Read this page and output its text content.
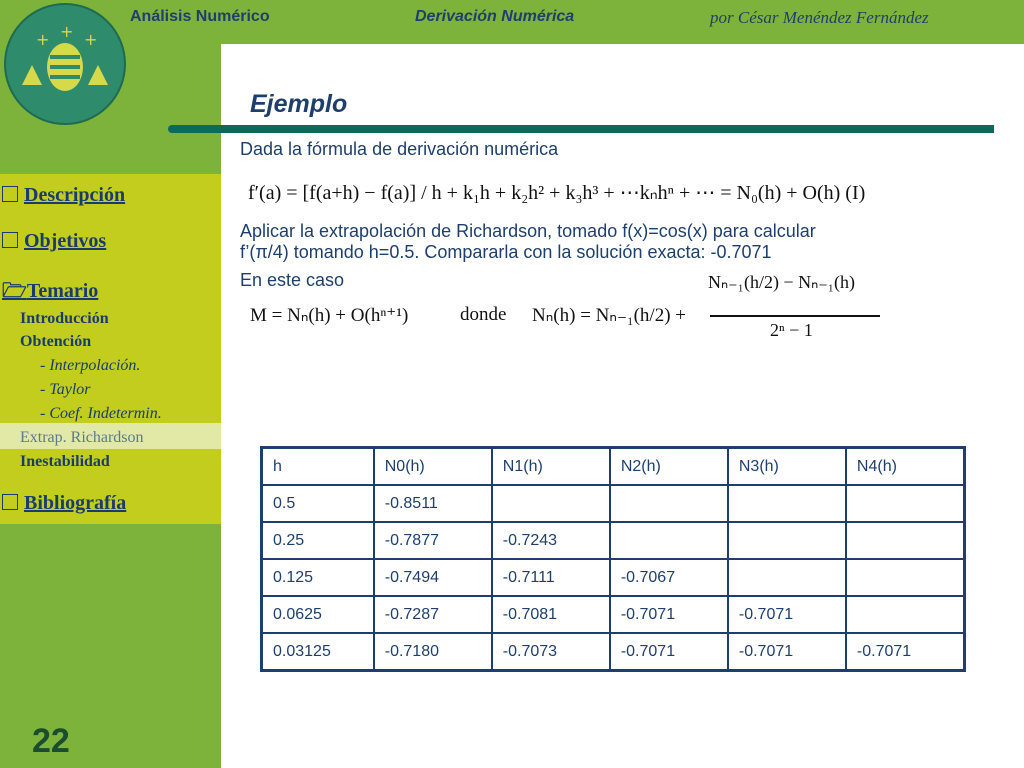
+ + +
Análisis Numérico	Derivación Numérica	por César Menéndez Fernández
Descripción
Objetivos
🗁Temario
Introducción
Obtención
- Interpolación.
- Taylor
- Coef. Indetermin.
Extrap. Richardson
Inestabilidad
Bibliografía
22
Ejemplo
Dada la fórmula de derivación numérica
f′(a) = [f(a+h) − f(a)] / h + k₁h + k₂h² + k₃h³ + ⋯kₙhⁿ + ⋯ = N₀(h) + O(h) (I)
Aplicar la extrapolación de Richardson, tomado f(x)=cos(x) para calcular
f’(π/4) tomando h=0.5. Compararla con la solución exacta: -0.7071
En este caso
M = Nₙ(h) + O(hⁿ⁺¹)	donde Nₙ(h) = Nₙ₋₁(h/2) +
Nₙ₋₁(h/2) − Nₙ₋₁(h)
2ⁿ − 1
h	N0(h)	N1(h)	N2(h)	N3(h)	N4(h)
0.5	-0.8511				
0.25	-0.7877	-0.7243			
0.125	-0.7494	-0.7111	-0.7067		
0.0625	-0.7287	-0.7081	-0.7071	-0.7071	
0.03125	-0.7180	-0.7073	-0.7071	-0.7071	-0.7071
